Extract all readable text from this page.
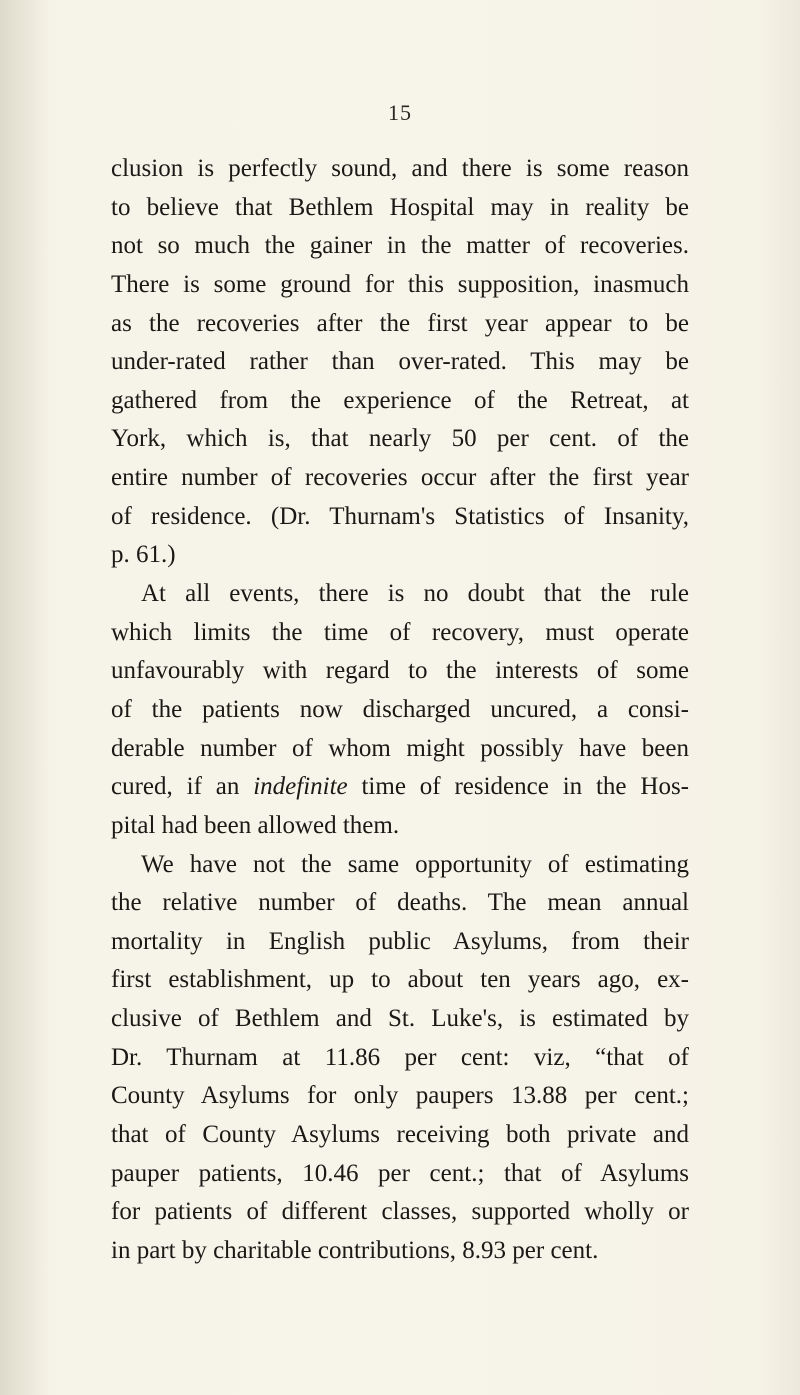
15
clusion is perfectly sound, and there is some reason
to believe that Bethlem Hospital may in reality be
not so much the gainer in the matter of recoveries.
There is some ground for this supposition, inasmuch
as the recoveries after the first year appear to be
under-rated rather than over-rated. This may be
gathered from the experience of the Retreat, at
York, which is, that nearly 50 per cent. of the
entire number of recoveries occur after the first year
of residence. (Dr. Thurnam's Statistics of Insanity,
p. 61.)
At all events, there is no doubt that the rule
which limits the time of recovery, must operate
unfavourably with regard to the interests of some
of the patients now discharged uncured, a consi-
derable number of whom might possibly have been
cured, if an indefinite time of residence in the Hos-
pital had been allowed them.
We have not the same opportunity of estimating
the relative number of deaths. The mean annual
mortality in English public Asylums, from their
first establishment, up to about ten years ago, ex-
clusive of Bethlem and St. Luke's, is estimated by
Dr. Thurnam at 11.86 per cent: viz, “that of
County Asylums for only paupers 13.88 per cent.;
that of County Asylums receiving both private and
pauper patients, 10.46 per cent.; that of Asylums
for patients of different classes, supported wholly or
in part by charitable contributions, 8.93 per cent.
